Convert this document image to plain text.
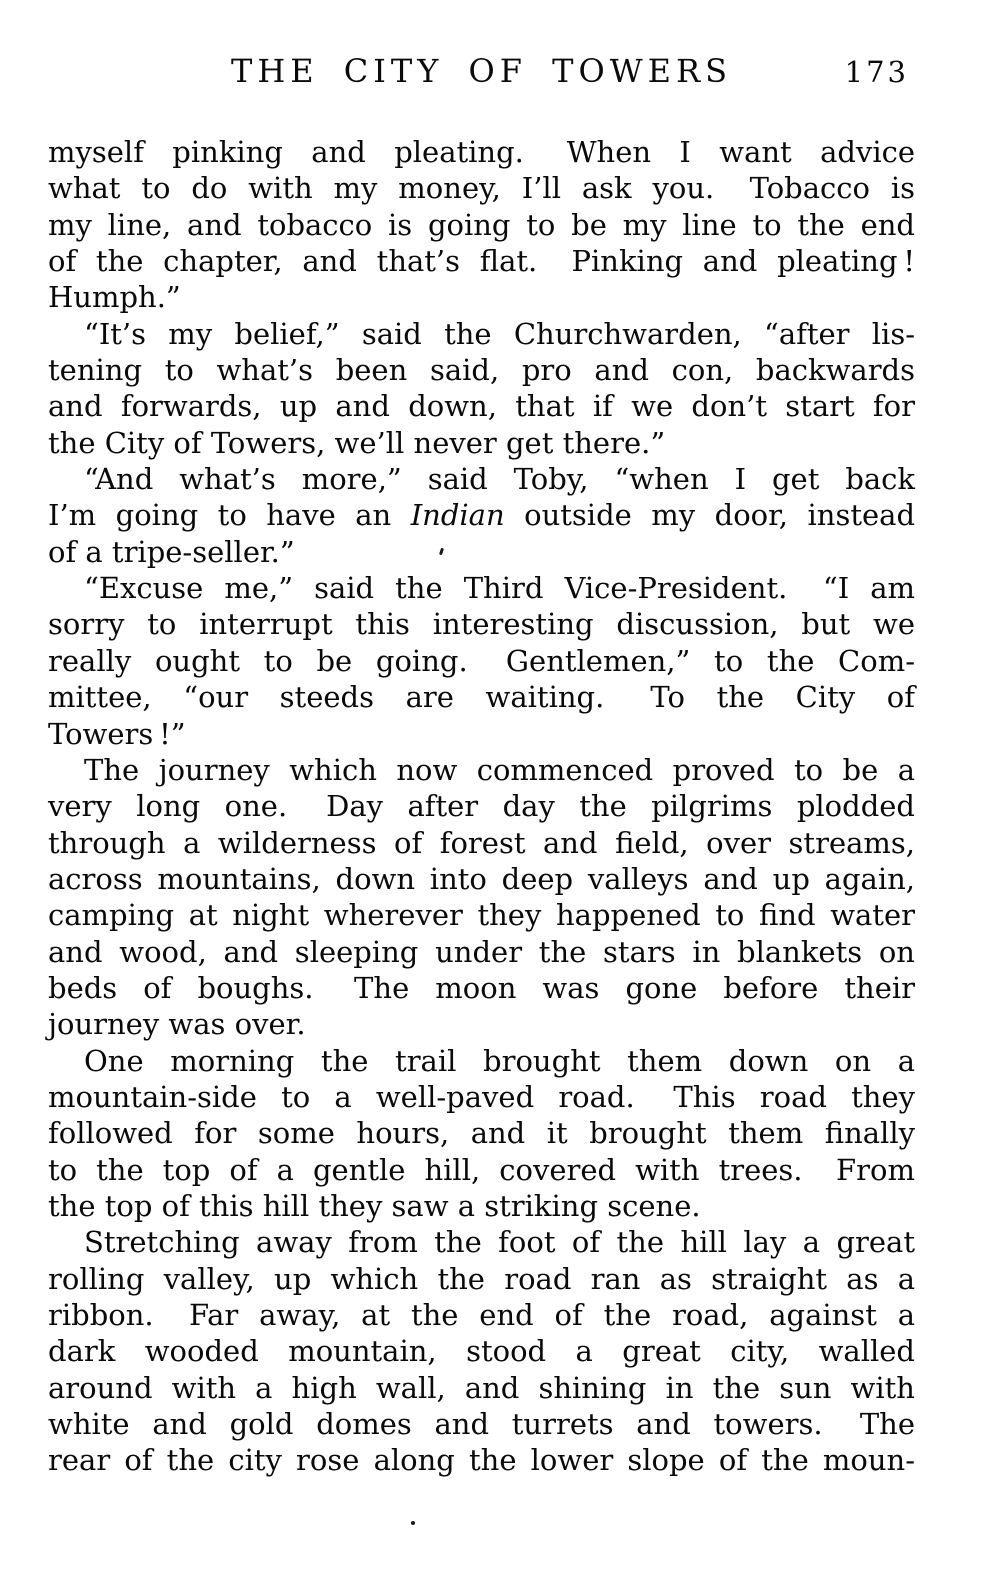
THE CITY OF TOWERS	173
myself pinking and pleating.  When I want advice
what to do with my money, I’ll ask you.  Tobacco is
my line, and tobacco is going to be my line to the end
of the chapter, and that’s flat.  Pinking and pleating !
Humph.”
“It’s my belief,” said the Churchwarden, “after lis-
tening to what’s been said, pro and con, backwards
and forwards, up and down, that if we don’t start for
the City of Towers, we’ll never get there.”
“And what’s more,” said Toby, “when I get back
I’m going to have an Indian outside my door, instead
of a tripe-seller.”
“Excuse me,” said the Third Vice-President.  “I am
sorry to interrupt this interesting discussion, but we
really ought to be going.  Gentlemen,” to the Com-
mittee, “our steeds are waiting.  To the City of
Towers !”
The journey which now commenced proved to be a
very long one.  Day after day the pilgrims plodded
through a wilderness of forest and field, over streams,
across mountains, down into deep valleys and up again,
camping at night wherever they happened to find water
and wood, and sleeping under the stars in blankets on
beds of boughs.  The moon was gone before their
journey was over.
One morning the trail brought them down on a
mountain-side to a well-paved road.  This road they
followed for some hours, and it brought them finally
to the top of a gentle hill, covered with trees.  From
the top of this hill they saw a striking scene.
Stretching away from the foot of the hill lay a great
rolling valley, up which the road ran as straight as a
ribbon.  Far away, at the end of the road, against a
dark wooded mountain, stood a great city, walled
around with a high wall, and shining in the sun with
white and gold domes and turrets and towers.  The
rear of the city rose along the lower slope of the moun-
